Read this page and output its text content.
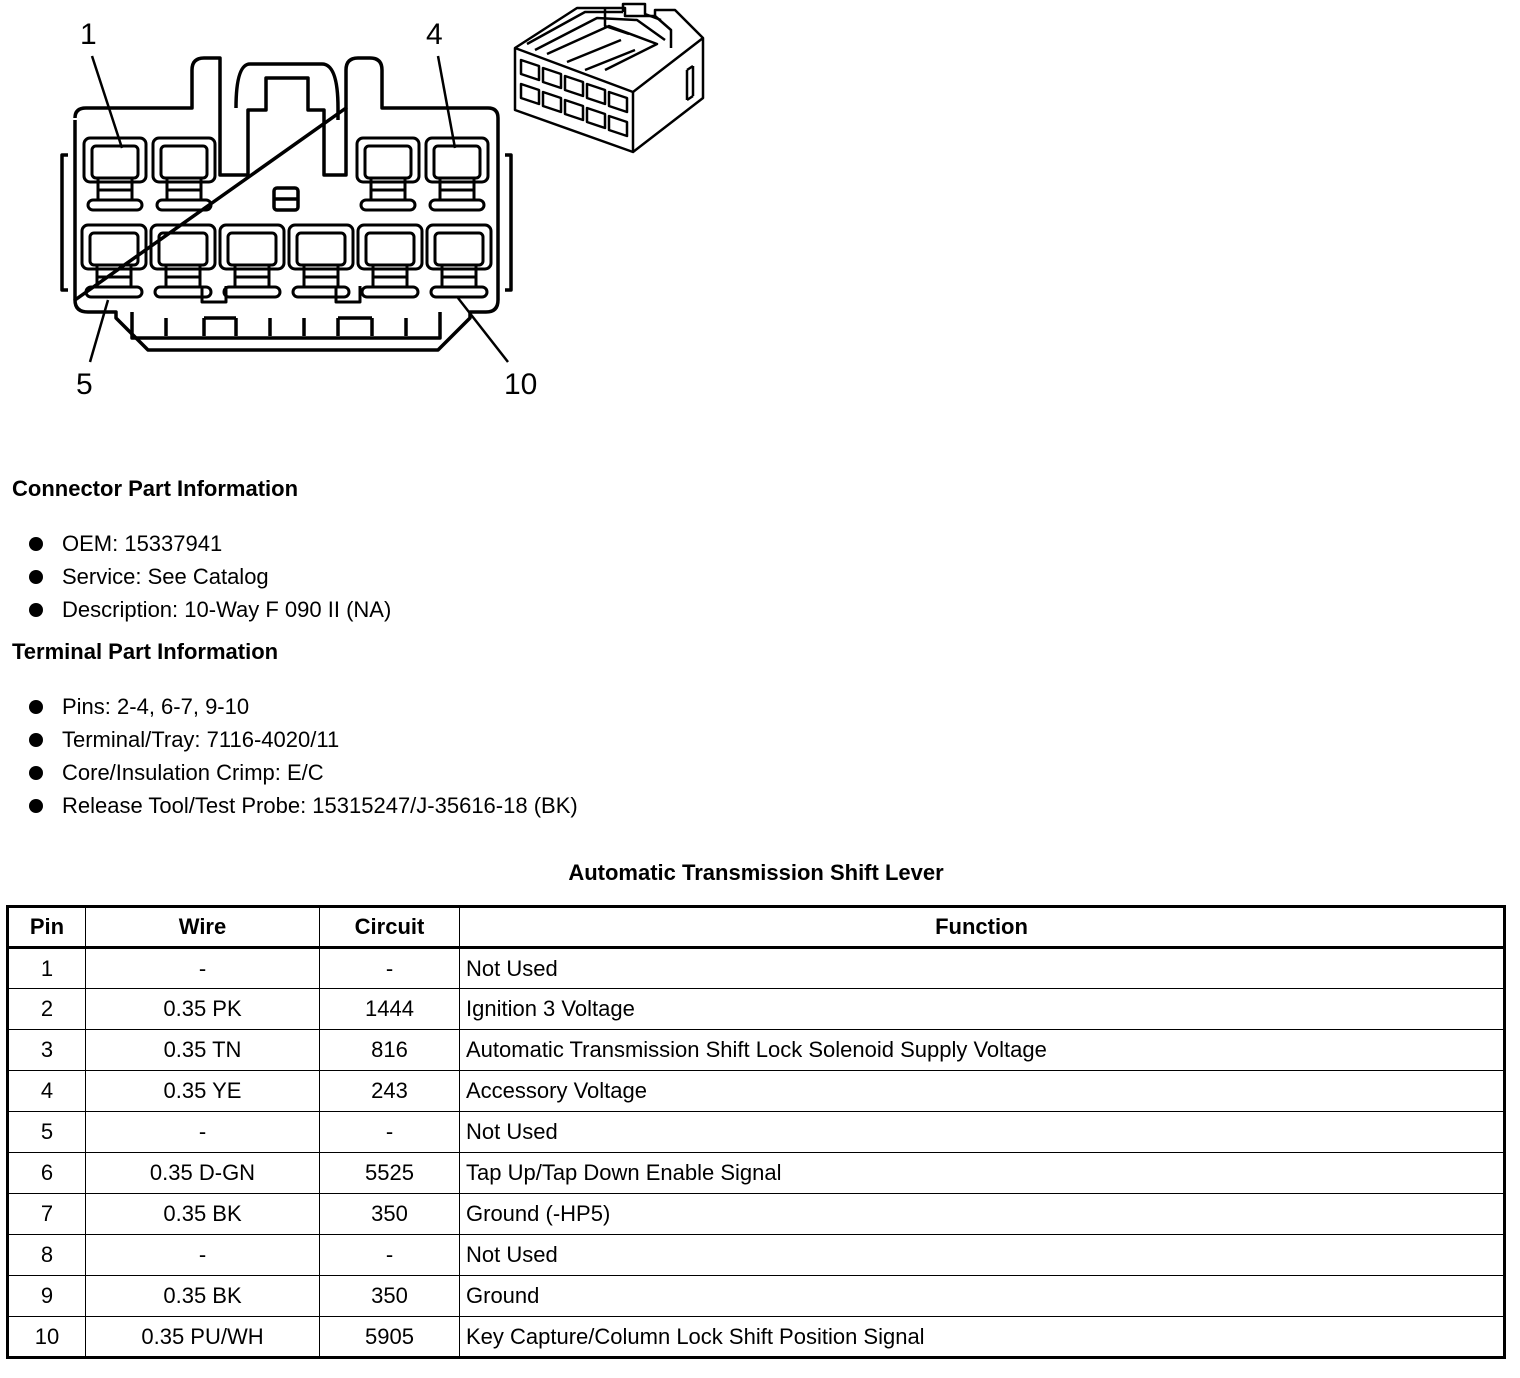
1	4
5	10
Connector Part Information
OEM: 15337941
Service: See Catalog
Description: 10-Way F 090 II (NA)
Terminal Part Information
Pins: 2-4, 6-7, 9-10
Terminal/Tray: 7116-4020/11
Core/Insulation Crimp: E/C
Release Tool/Test Probe: 15315247/J-35616-18 (BK)
Automatic Transmission Shift Lever
Pin	Wire	Circuit	Function
1	-	-	Not Used
2	0.35 PK	1444	Ignition 3 Voltage
3	0.35 TN	816	Automatic Transmission Shift Lock Solenoid Supply Voltage
4	0.35 YE	243	Accessory Voltage
5	-	-	Not Used
6	0.35 D-GN	5525	Tap Up/Tap Down Enable Signal
7	0.35 BK	350	Ground (-HP5)
8	-	-	Not Used
9	0.35 BK	350	Ground
10	0.35 PU/WH	5905	Key Capture/Column Lock Shift Position Signal
